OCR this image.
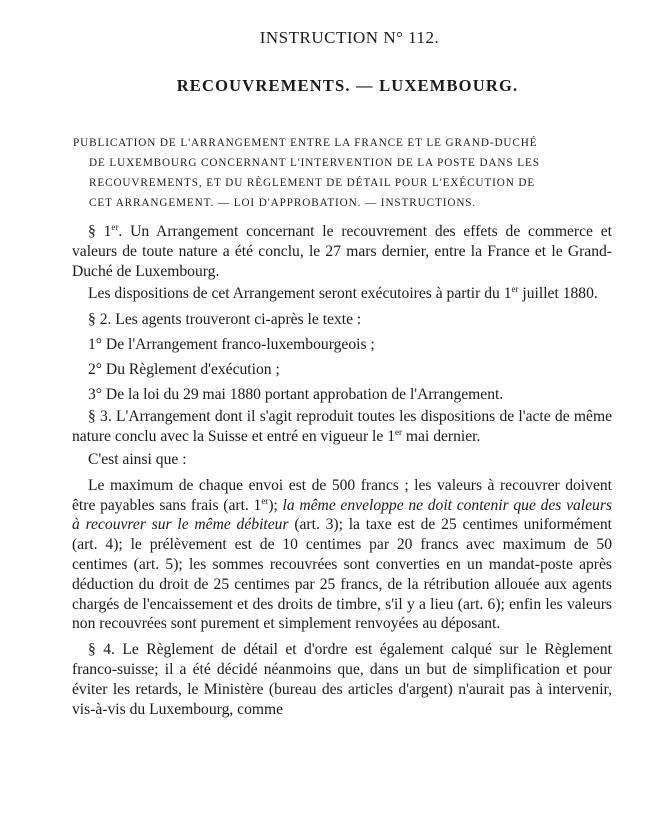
INSTRUCTION N° 112.
RECOUVREMENTS. — LUXEMBOURG.
PUBLICATION DE L'ARRANGEMENT ENTRE LA FRANCE ET LE GRAND-DUCHÉ
DE LUXEMBOURG CONCERNANT L'INTERVENTION DE LA POSTE DANS LES
RECOUVREMENTS, ET DU RÈGLEMENT DE DÉTAIL POUR L'EXÉCUTION DE
CET ARRANGEMENT. — LOI D'APPROBATION. — INSTRUCTIONS.

§ 1er. Un Arrangement concernant le recouvrement des effets de commerce et valeurs de toute nature a été conclu, le 27 mars dernier, entre la France et le Grand-Duché de Luxembourg.

Les dispositions de cet Arrangement seront exécutoires à partir du 1er juillet 1880.

§ 2. Les agents trouveront ci-après le texte :

1° De l'Arrangement franco-luxembourgeois ;

2° Du Règlement d'exécution ;

3° De la loi du 29 mai 1880 portant approbation de l'Arrangement.

§ 3. L'Arrangement dont il s'agit reproduit toutes les dispositions de l'acte de même nature conclu avec la Suisse et entré en vigueur le 1er mai dernier.

C'est ainsi que :

Le maximum de chaque envoi est de 500 francs ; les valeurs à recouvrer doivent être payables sans frais (art. 1er); la même enveloppe ne doit contenir que des valeurs à recouvrer sur le même débiteur (art. 3); la taxe est de 25 centimes uniformément (art. 4); le prélèvement est de 10 centimes par 20 francs avec maximum de 50 centimes (art. 5); les sommes recouvrées sont converties en un mandat-poste après déduction du droit de 25 centimes par 25 francs, de la rétribution allouée aux agents chargés de l'encaissement et des droits de timbre, s'il y a lieu (art. 6); enfin les valeurs non recouvrées sont purement et simplement renvoyées au déposant.

§ 4. Le Règlement de détail et d'ordre est également calqué sur le Règlement franco-suisse; il a été décidé néanmoins que, dans un but de simplification et pour éviter les retards, le Ministère (bureau des articles d'argent) n'aurait pas à intervenir, vis-à-vis du Luxembourg, comme
